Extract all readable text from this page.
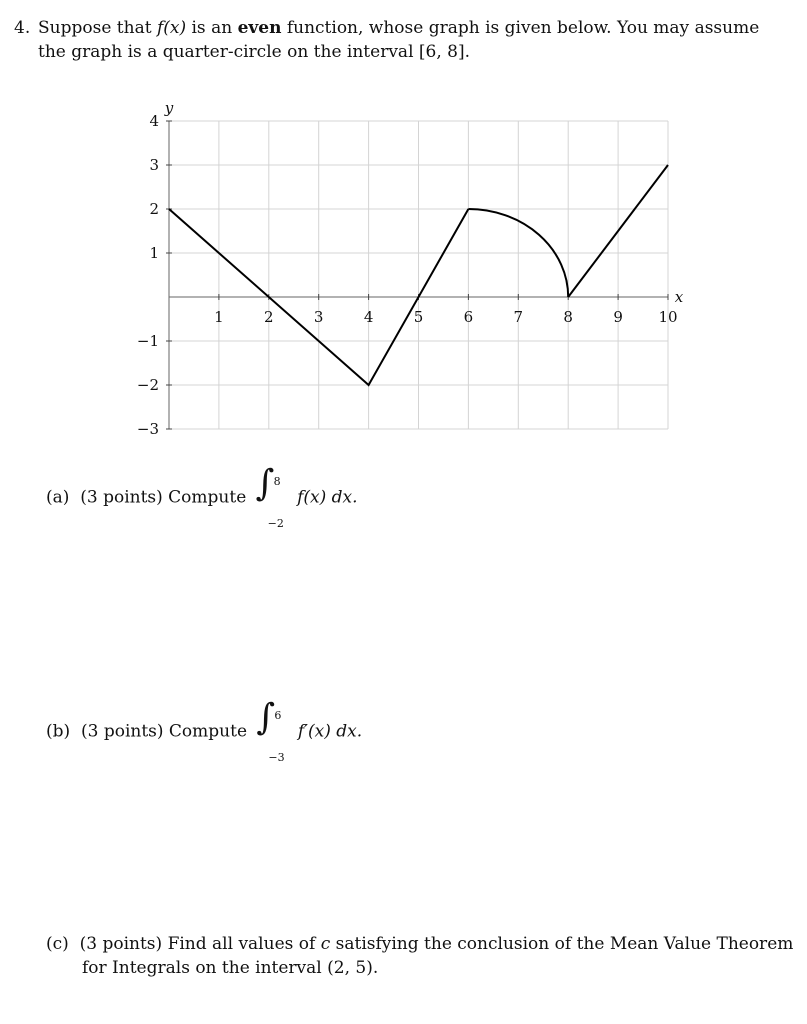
4. Suppose that f(x) is an even function, whose graph is given below. You may assume
the graph is a quarter-circle on the interval [6, 8].
1	2	3	4	5	6	7	8	9 10
−3
−2
−1
1
2
3
4
x
y
(a) (3 points) Compute ∫ 8
−2
f(x) dx.
(b) (3 points) Compute ∫ 6
−3
f′(x) dx.
(c) (3 points) Find all values of c satisfying the conclusion of the Mean Value Theorem
for Integrals on the interval (2, 5).
